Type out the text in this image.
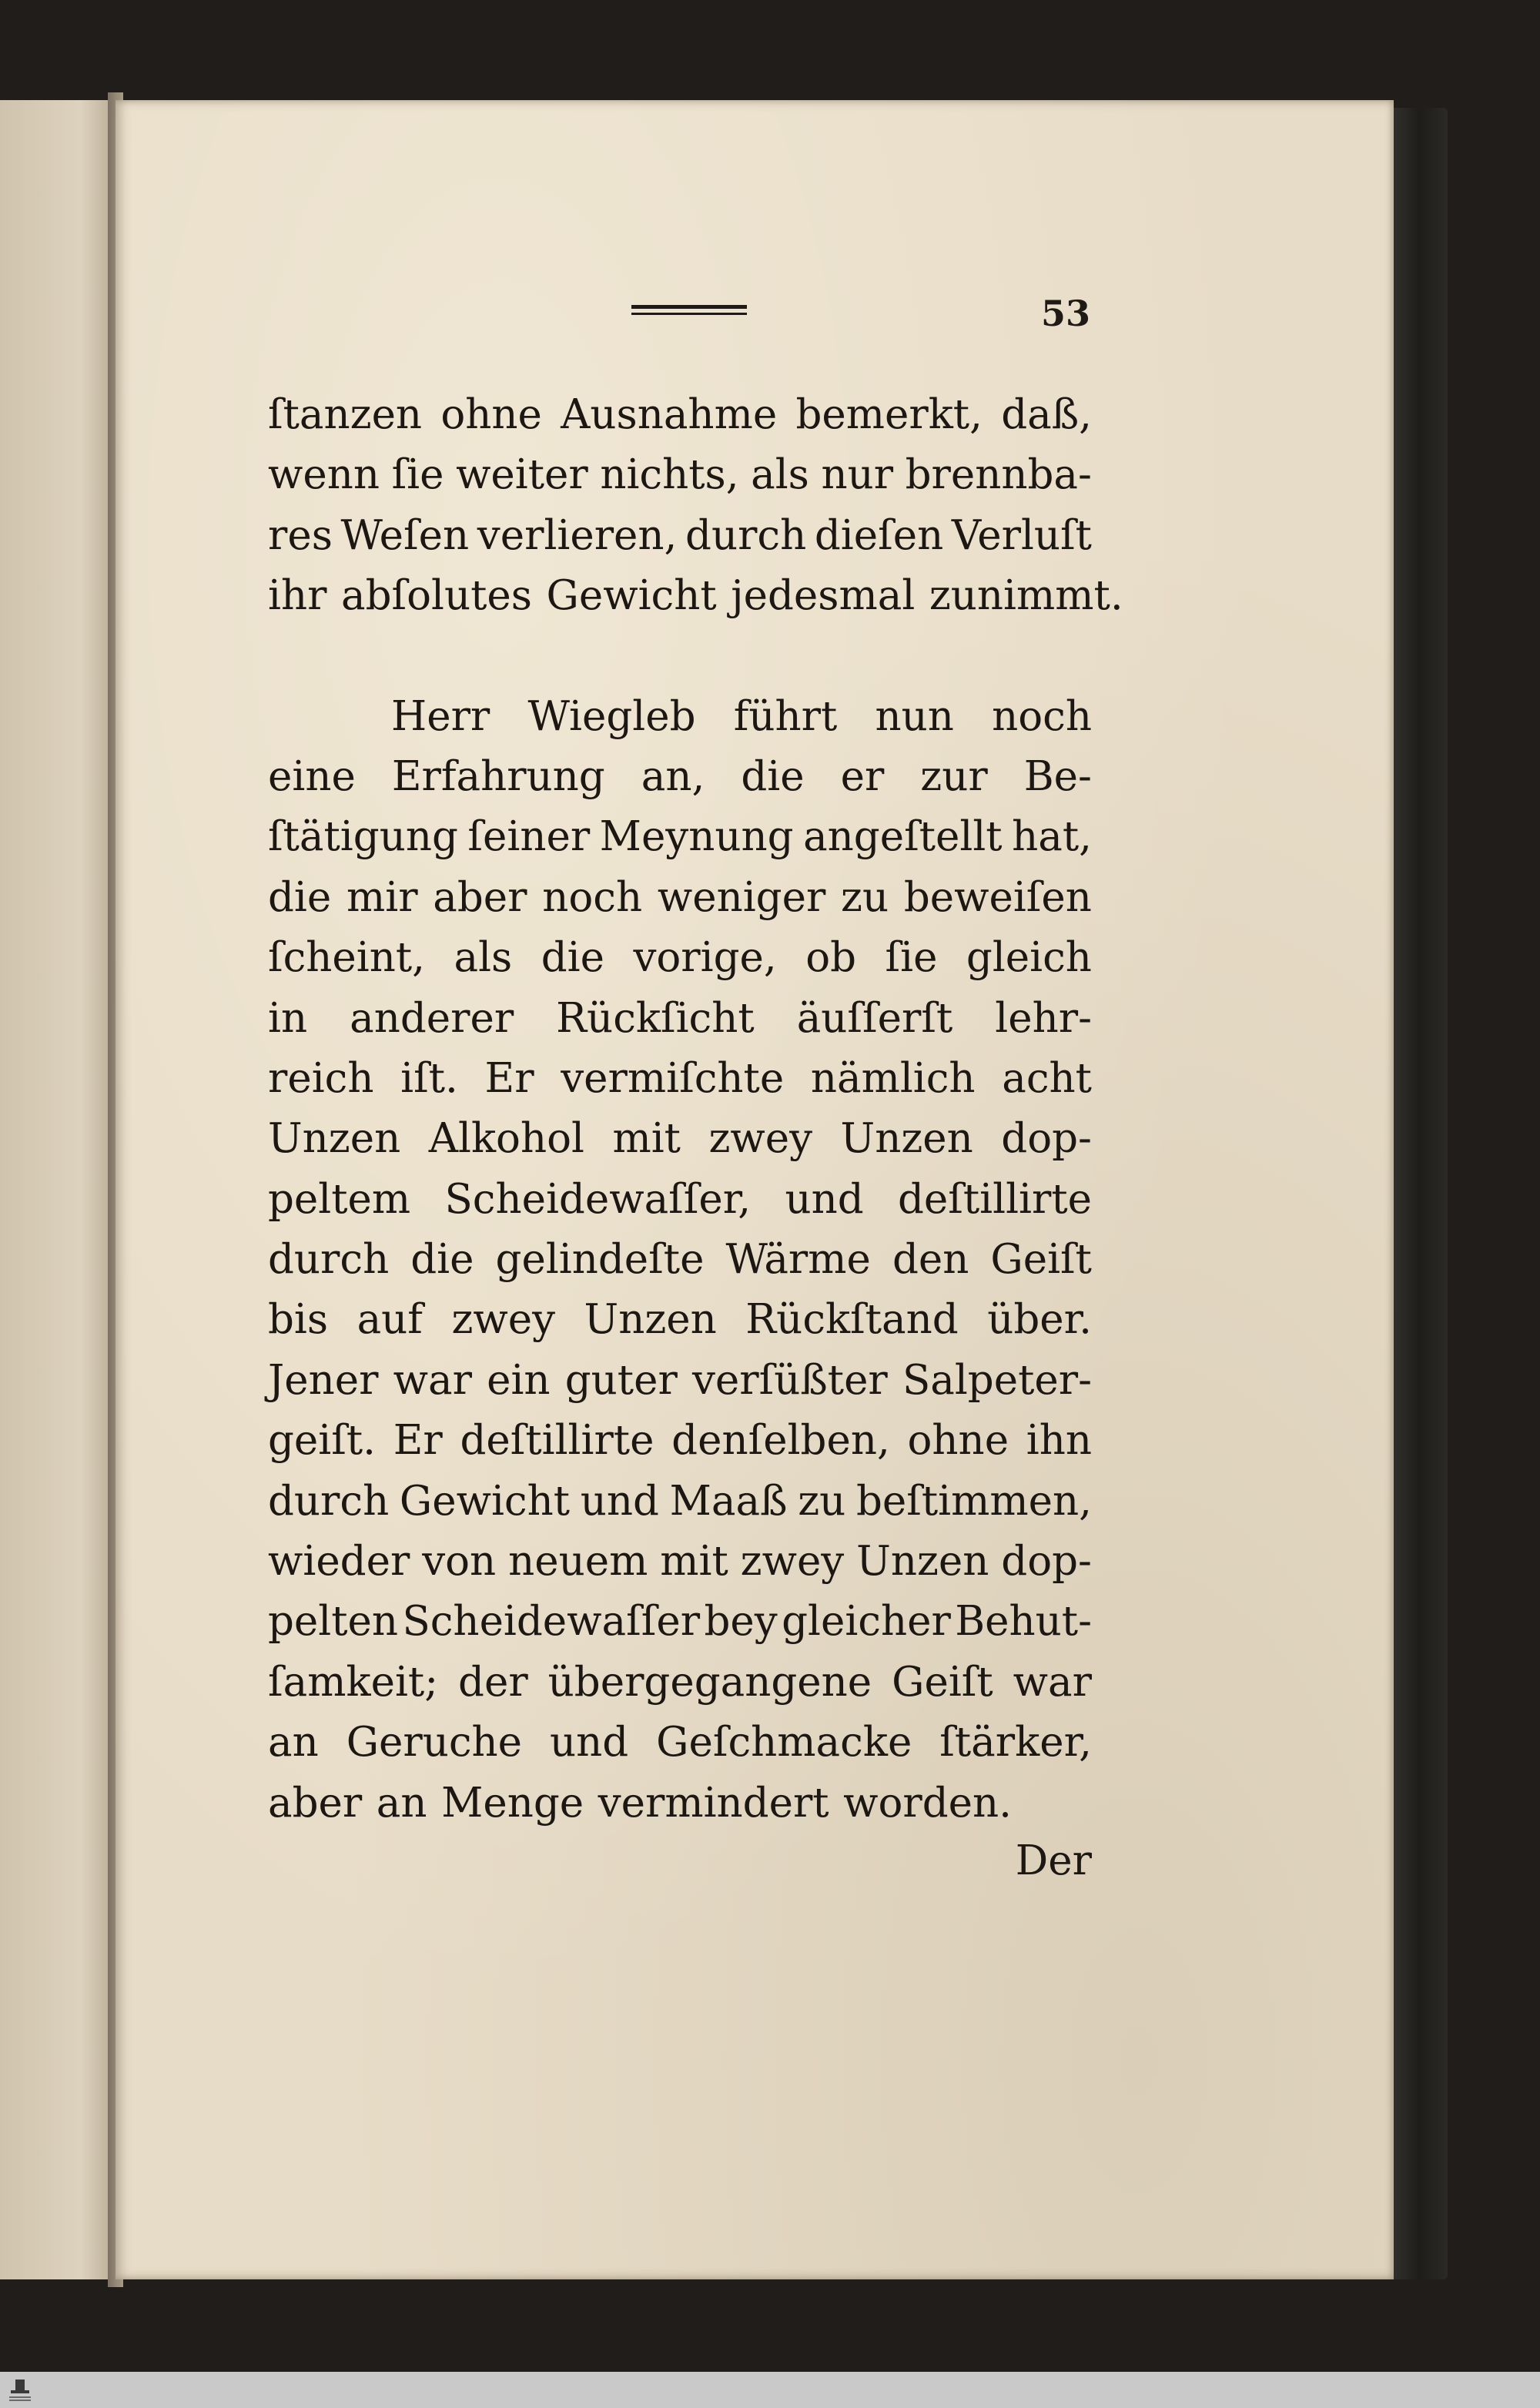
53
ſtanzen ohne Ausnahme bemerkt, daß,
wenn ſie weiter nichts, als nur brennba-
res Weſen verlieren, durch dieſen Verluſt
ihr abſolutes Gewicht jedesmal zunimmt.
Herr Wiegleb führt nun noch
eine Erfahrung an, die er zur Be-
ſtätigung ſeiner Meynung angeſtellt hat,
die mir aber noch weniger zu beweiſen
ſcheint, als die vorige, ob ſie gleich
in anderer Rückſicht äuſſerſt lehr-
reich iſt. Er vermiſchte nämlich acht
Unzen Alkohol mit zwey Unzen dop-
peltem Scheidewaſſer, und deſtillirte
durch die gelindeſte Wärme den Geiſt
bis auf zwey Unzen Rückſtand über.
Jener war ein guter verſüßter Salpeter-
geiſt. Er deſtillirte denſelben, ohne ihn
durch Gewicht und Maaß zu beſtimmen,
wieder von neuem mit zwey Unzen dop-
pelten Scheidewaſſer bey gleicher Behut-
ſamkeit; der übergegangene Geiſt war
an Geruche und Geſchmacke ſtärker,
aber an Menge vermindert worden.
Der
